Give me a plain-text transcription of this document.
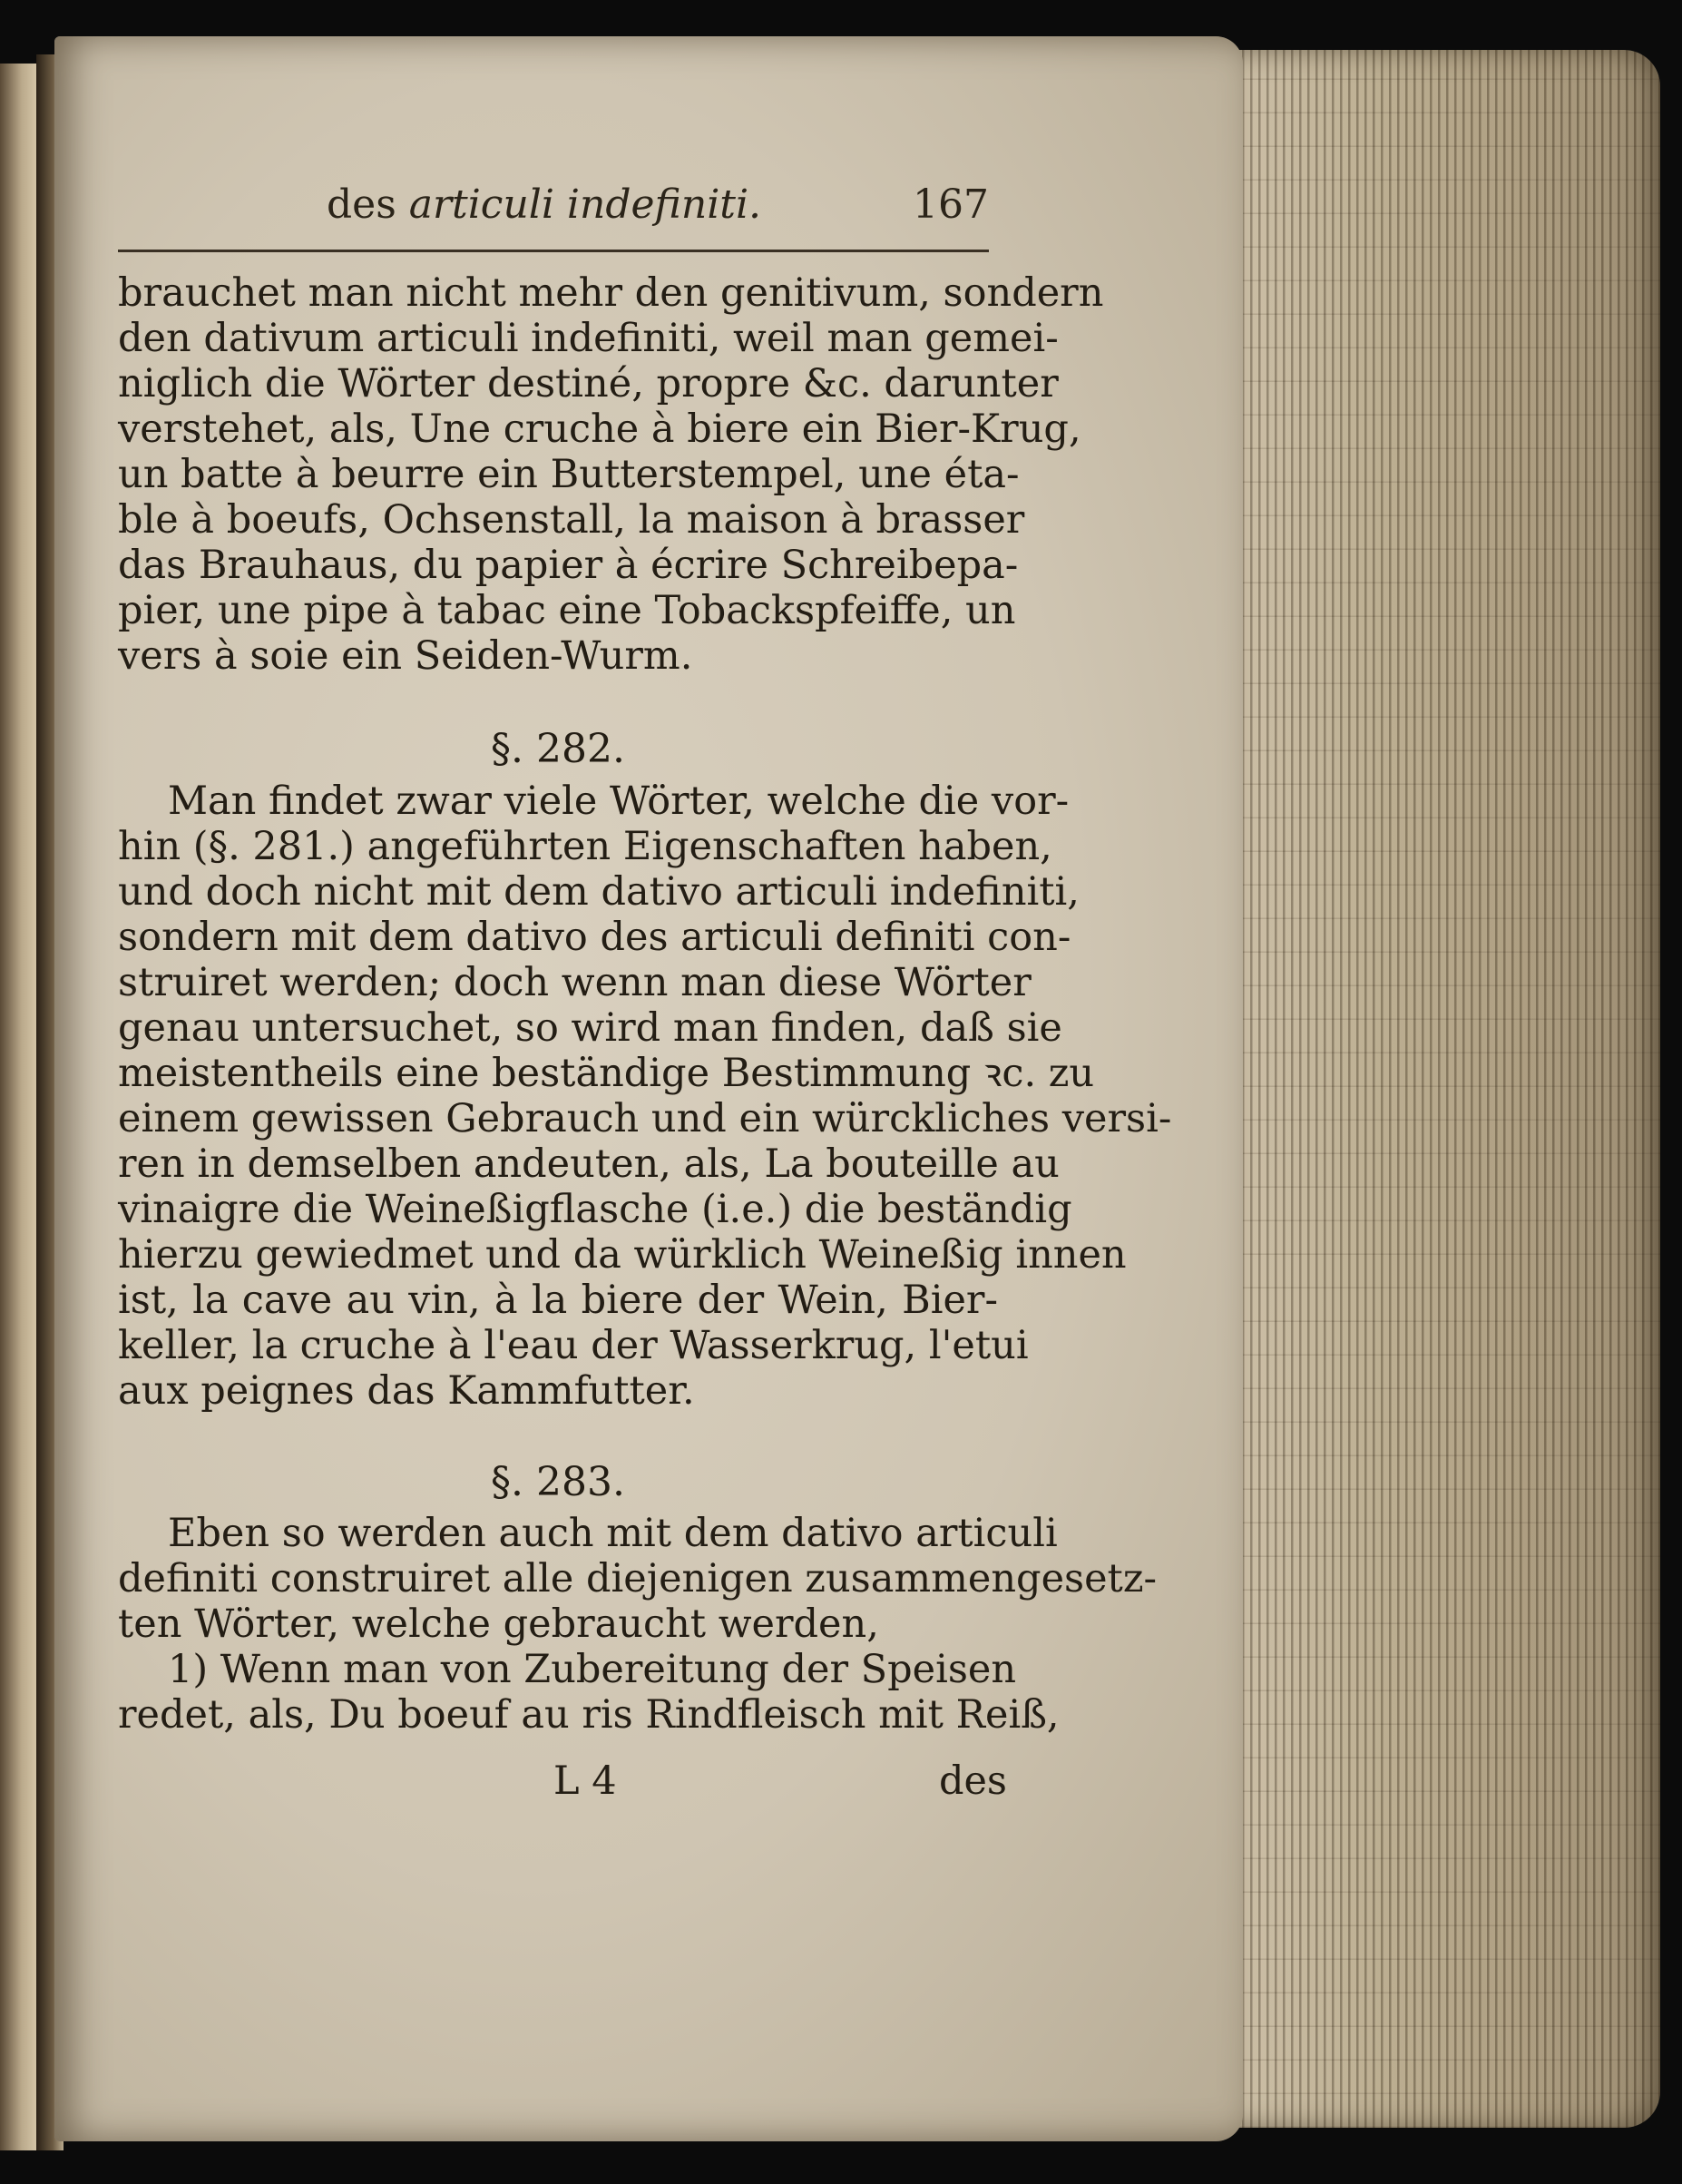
des articuli indefiniti.	167
brauchet man nicht mehr den genitivum, sondern
den dativum articuli indefiniti, weil man gemei-
niglich die Wörter destiné, propre &c. darunter
verstehet, als, Une cruche à biere ein Bier-Krug,
un batte à beurre ein Butterstempel, une éta-
ble à boeufs, Ochsenstall, la maison à brasser
das Brauhaus, du papier à écrire Schreibepa-
pier, une pipe à tabac eine Tobackspfeiffe, un
vers à soie ein Seiden-Wurm.
§. 282.
Man findet zwar viele Wörter, welche die vor-
hin (§. 281.) angeführten Eigenschaften haben,
und doch nicht mit dem dativo articuli indefiniti,
sondern mit dem dativo des articuli definiti con-
struiret werden; doch wenn man diese Wörter
genau untersuchet, so wird man finden, daß sie
meistentheils eine beständige Bestimmung ꝛc. zu
einem gewissen Gebrauch und ein würckliches versi-
ren in demselben andeuten, als, La bouteille au
vinaigre die Weineßigflasche (i.e.) die beständig
hierzu gewiedmet und da würklich Weineßig innen
ist, la cave au vin, à la biere der Wein, Bier-
keller, la cruche à l'eau der Wasserkrug, l'etui
aux peignes das Kammfutter.
§. 283.
Eben so werden auch mit dem dativo articuli
definiti construiret alle diejenigen zusammengesetz-
ten Wörter, welche gebraucht werden,
1) Wenn man von Zubereitung der Speisen
redet, als, Du boeuf au ris Rindfleisch mit Reiß,
L 4	des
